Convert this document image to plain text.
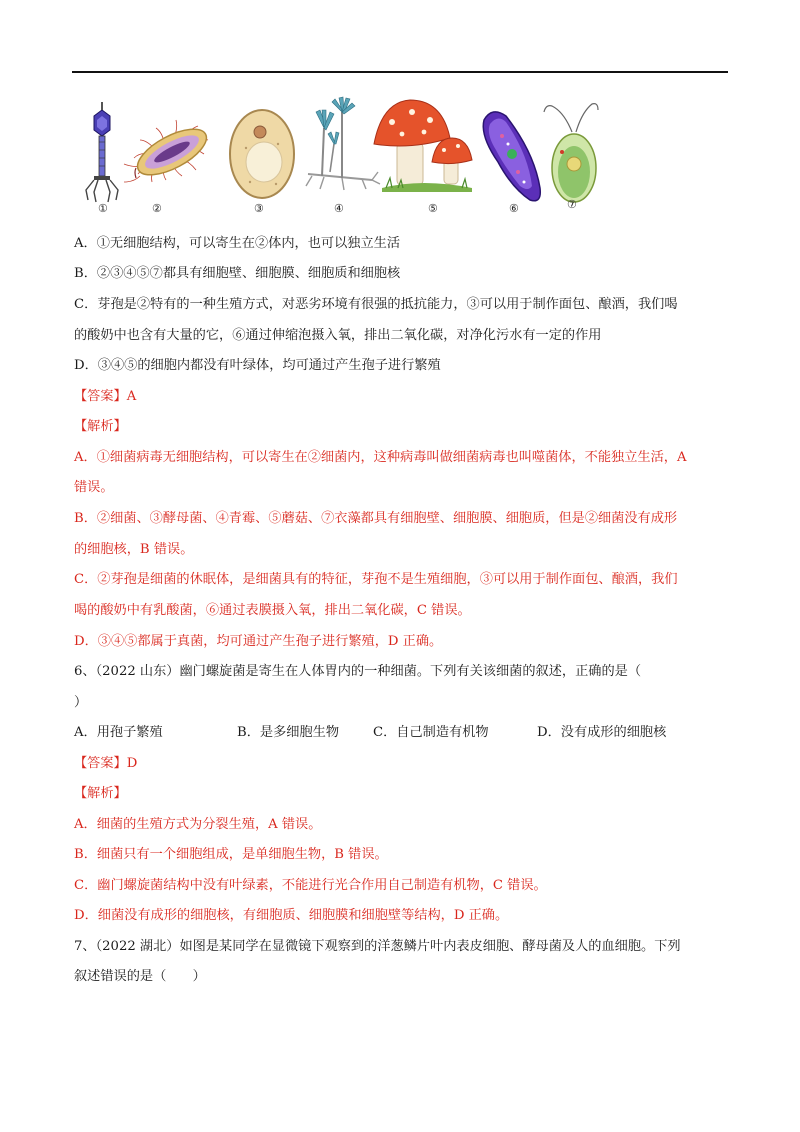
①	②	③	④	⑤	⑥	⑦
A．①无细胞结构，可以寄生在②体内，也可以独立生活
B．②③④⑤⑦都具有细胞壁、细胞膜、细胞质和细胞核
C．芽孢是②特有的一种生殖方式，对恶劣环境有很强的抵抗能力，③可以用于制作面包、酿酒，我们喝
的酸奶中也含有大量的它，⑥通过伸缩泡摄入氧，排出二氧化碳，对净化污水有一定的作用
D．③④⑤的细胞内都没有叶绿体，均可通过产生孢子进行繁殖
【答案】A
【解析】
A．①细菌病毒无细胞结构，可以寄生在②细菌内，这种病毒叫做细菌病毒也叫噬菌体，不能独立生活，A
错误。
B．②细菌、③酵母菌、④青霉、⑤蘑菇、⑦衣藻都具有细胞壁、细胞膜、细胞质，但是②细菌没有成形
的细胞核，B 错误。
C．②芽孢是细菌的休眠体，是细菌具有的特征，芽孢不是生殖细胞，③可以用于制作面包、酿酒，我们
喝的酸奶中有乳酸菌，⑥通过表膜摄入氧，排出二氧化碳，C 错误。
D．③④⑤都属于真菌，均可通过产生孢子进行繁殖，D 正确。
6、（2022 山东）幽门螺旋菌是寄生在人体胃内的一种细菌。下列有关该细菌的叙述，正确的是（
）
A．用孢子繁殖	B．是多细胞生物	C．自己制造有机物	D．没有成形的细胞核
【答案】D
【解析】
A．细菌的生殖方式为分裂生殖，A 错误。
B．细菌只有一个细胞组成，是单细胞生物，B 错误。
C．幽门螺旋菌结构中没有叶绿素，不能进行光合作用自己制造有机物，C 错误。
D．细菌没有成形的细胞核，有细胞质、细胞膜和细胞壁等结构，D 正确。
7、（2022 湖北）如图是某同学在显微镜下观察到的洋葱鳞片叶内表皮细胞、酵母菌及人的血细胞。下列
叙述错误的是（　　）
